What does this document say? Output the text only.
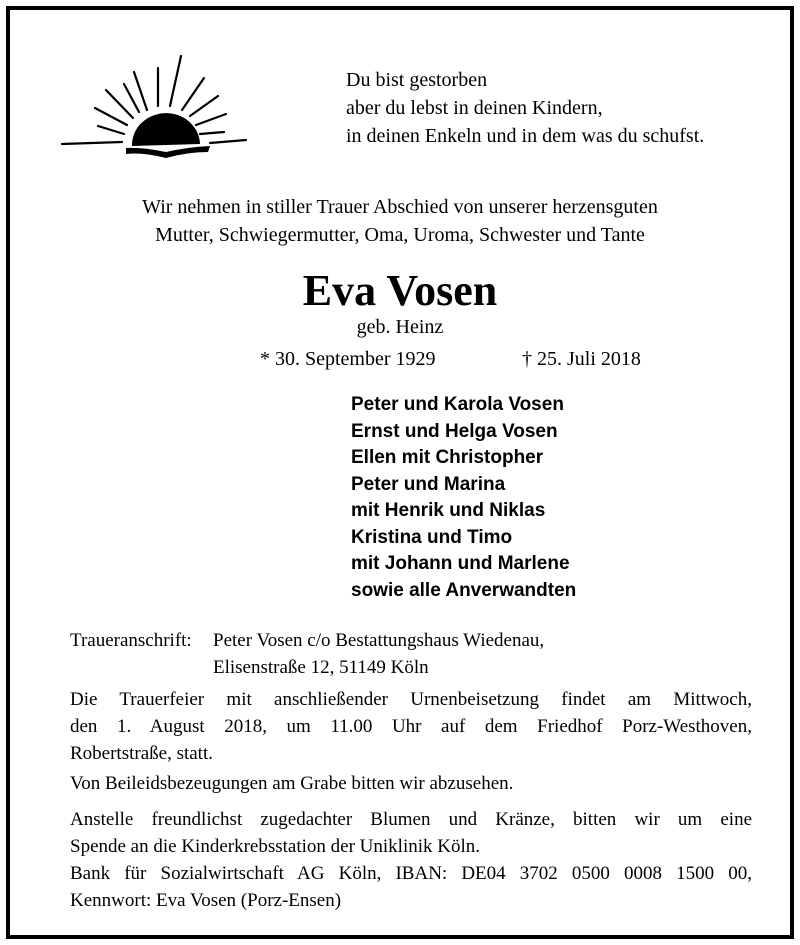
Du bist gestorben
aber du lebst in deinen Kindern,
in deinen Enkeln und in dem was du schufst.
Wir nehmen in stiller Trauer Abschied von unserer herzensguten
Mutter, Schwiegermutter, Oma, Uroma, Schwester und Tante
Eva Vosen
geb. Heinz
* 30. September 1929	† 25. Juli 2018
Peter und Karola Vosen
Ernst und Helga Vosen
Ellen mit Christopher
Peter und Marina
mit Henrik und Niklas
Kristina und Timo
mit Johann und Marlene
sowie alle Anverwandten
Traueranschrift: Peter Vosen c/o Bestattungshaus Wiedenau,
Elisenstraße 12, 51149 Köln
Die Trauerfeier mit anschließender Urnenbeisetzung findet am Mittwoch,
den 1. August 2018, um 11.00 Uhr auf dem Friedhof Porz-Westhoven,
Robertstraße, statt.
Von Beileidsbezeugungen am Grabe bitten wir abzusehen.
Anstelle freundlichst zugedachter Blumen und Kränze, bitten wir um eine
Spende an die Kinderkrebsstation der Uniklinik Köln.
Bank für Sozialwirtschaft AG Köln, IBAN: DE04 3702 0500 0008 1500 00,
Kennwort: Eva Vosen (Porz-Ensen)
